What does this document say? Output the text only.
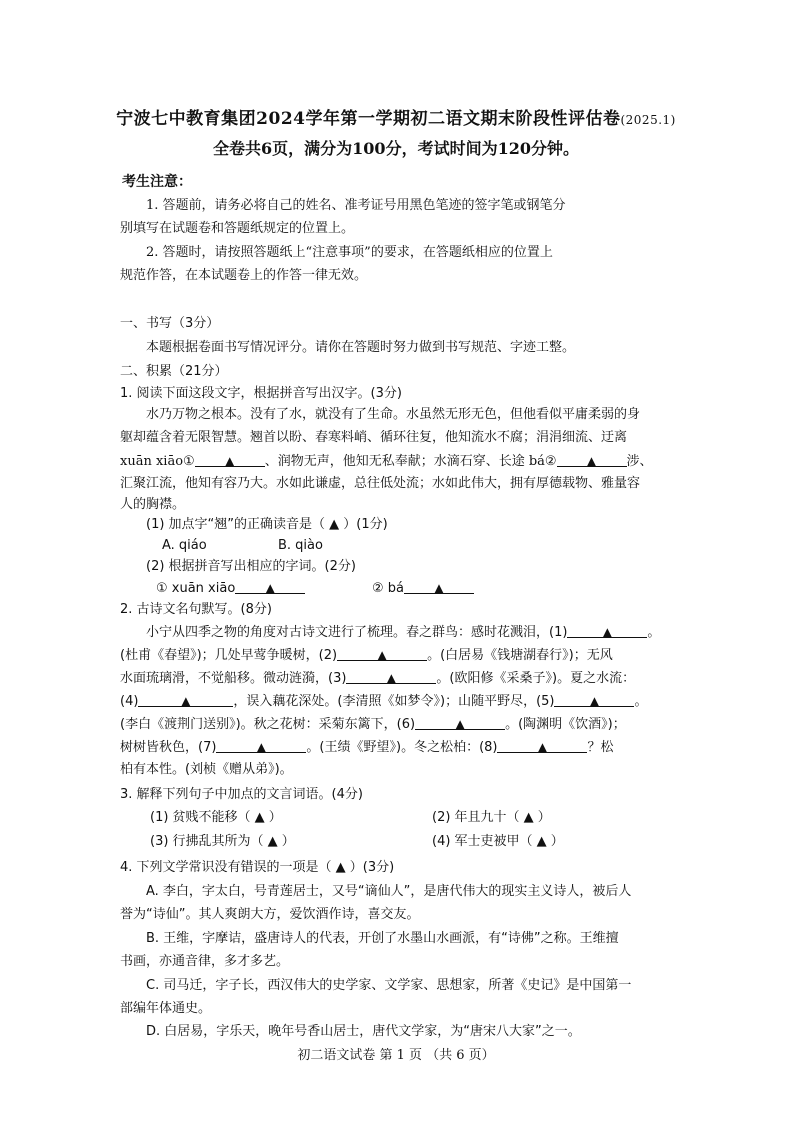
宁波七中教育集团2024学年第一学期初二语文期末阶段性评估卷(2025.1)
全卷共6页，满分为100分，考试时间为120分钟。
考生注意：
1. 答题前，请务必将自己的姓名、准考证号用黑色笔迹的签字笔或钢笔分
别填写在试题卷和答题纸规定的位置上。
2. 答题时，请按照答题纸上“注意事项”的要求，在答题纸相应的位置上
规范作答，在本试题卷上的作答一律无效。
一、书写（3分）
本题根据卷面书写情况评分。请你在答题时努力做到书写规范、字迹工整。
二、积累（21分）
1. 阅读下面这段文字，根据拼音写出汉字。(3分)
水乃万物之根本。没有了水，就没有了生命。水虽然无形无色，但他看似平庸柔弱的身
躯却蕴含着无限智慧。翘首以盼、春寒料峭、循环往复，他知流水不腐；涓涓细流、迂离
xuān xiāo①	▲ 、润物无声，他知无私奉献；水滴石穿、长途 bá②	▲ 涉、
汇聚江流，他知有容乃大。水如此谦虚，总往低处流；水如此伟大，拥有厚德载物、雅量容
人的胸襟。
(1) 加点字“翘”的正确读音是（ ▲ ）(1分)
A. qiáo	B. qiào
(2) 根据拼音写出相应的字词。(2分)
① xuān xiāo	▲	② bá	▲
2. 古诗文名句默写。(8分)
小宁从四季之物的角度对古诗文进行了梳理。春之群鸟：感时花溅泪，(1)	▲	。
(杜甫《春望》)；几处早莺争暖树，(2)	▲	。(白居易《钱塘湖春行》)；无风
水面琉璃滑，不觉船移。微动涟漪，(3)	▲	。(欧阳修《采桑子》)。夏之水流：
(4)	▲	，误入藕花深处。(李清照《如梦令》)；山随平野尽，(5)	▲	。
(李白《渡荆门送别》)。秋之花树：采菊东篱下，(6)	▲	。(陶渊明《饮酒》)；
树树皆秋色，(7)	▲	。(王绩《野望》)。冬之松柏：(8)	▲	？松
柏有本性。(刘桢《赠从弟》)。
3. 解释下列句子中加点的文言词语。(4分)
(1) 贫贱不能移（ ▲ ）	(2) 年且九十（ ▲ ）
(3) 行拂乱其所为（ ▲ ）	(4) 军士吏被甲（ ▲ ）
4. 下列文学常识没有错误的一项是（ ▲ ）(3分)
A. 李白，字太白，号青莲居士，又号“谪仙人”，是唐代伟大的现实主义诗人，被后人
誉为“诗仙”。其人爽朗大方，爱饮酒作诗，喜交友。
B. 王维，字摩诘，盛唐诗人的代表，开创了水墨山水画派，有“诗佛”之称。王维擅
书画，亦通音律，多才多艺。
C. 司马迁，字子长，西汉伟大的史学家、文学家、思想家，所著《史记》是中国第一
部编年体通史。
D. 白居易，字乐天，晚年号香山居士，唐代文学家，为“唐宋八大家”之一。
初二语文试卷 第 1 页 （共 6 页）
